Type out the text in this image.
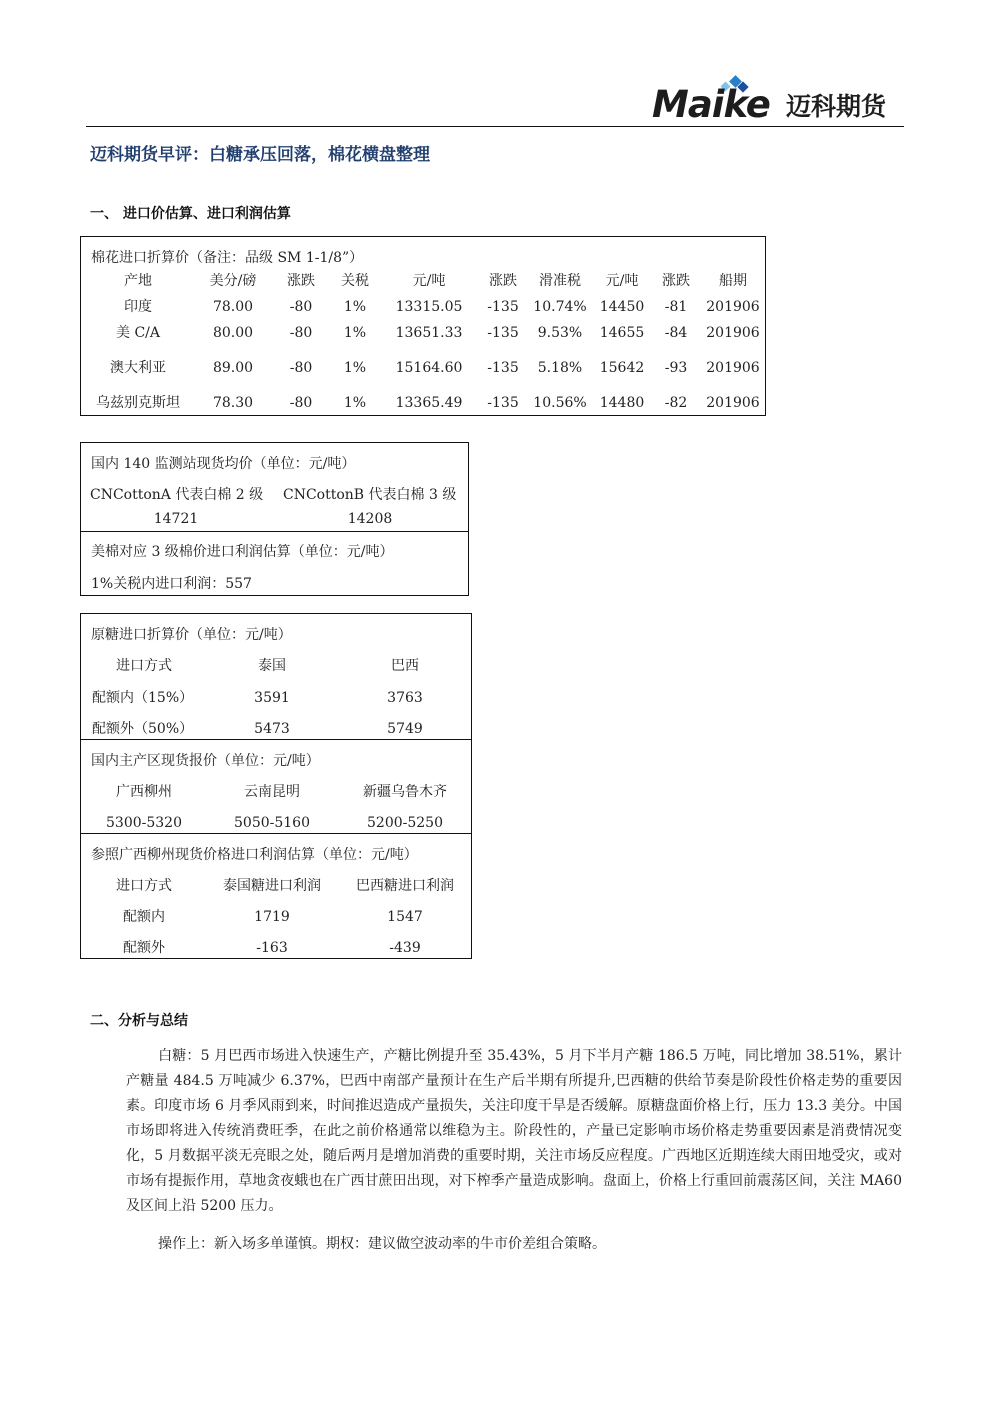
Maike 迈科期货
迈科期货早评：白糖承压回落，棉花横盘整理
一、 进口价估算、进口利润估算
棉花进口折算价（备注：品级 SM 1-1/8”）
产地	美分/磅 涨跌 关税	元/吨	涨跌 滑准税 元/吨 涨跌 船期
印度	78.00	-80 1% 13315.05 -135 10.74% 14450 -81 201906
美 C/A	80.00	-80 1% 13651.33 -135 9.53% 14655 -84 201906
澳大利亚	89.00	-80 1% 15164.60 -135 5.18% 15642 -93 201906
乌兹别克斯坦 78.30	-80 1% 13365.49 -135 10.56% 14480 -82 201906
国内 140 监测站现货均价（单位：元/吨）
CNCottonA 代表白棉 2 级 CNCottonB 代表白棉 3 级
14721	14208
美棉对应 3 级棉价进口利润估算（单位：元/吨）
1%关税内进口利润：557
原糖进口折算价（单位：元/吨）
进口方式	泰国	巴西
配额内（15%）	3591	3763
配额外（50%）	5473	5749
国内主产区现货报价（单位：元/吨）
广西柳州	云南昆明	新疆乌鲁木齐
5300-5320	5050-5160	5200-5250
参照广西柳州现货价格进口利润估算（单位：元/吨）
进口方式	泰国糖进口利润	巴西糖进口利润
配额内	1719	1547
配额外	-163	-439
二、分析与总结
白糖：5 月巴西市场进入快速生产，产糖比例提升至 35.43%，5 月下半月产糖 186.5 万吨，同比增加 38.51%，累计产糖量 484.5 万吨减少 6.37%，巴西中南部产量预计在生产后半期有所提升,巴西糖的供给节奏是阶段性价格走势的重要因素。印度市场 6 月季风雨到来，时间推迟造成产量损失，关注印度干旱是否缓解。原糖盘面价格上行，压力 13.3 美分。中国市场即将进入传统消费旺季，在此之前价格通常以维稳为主。阶段性的，产量已定影响市场价格走势重要因素是消费情况变化，5 月数据平淡无亮眼之处，随后两月是增加消费的重要时期，关注市场反应程度。广西地区近期连续大雨田地受灾，或对市场有提振作用，草地贪夜蛾也在广西甘蔗田出现，对下榨季产量造成影响。盘面上，价格上行重回前震荡区间，关注 MA60 及区间上沿 5200 压力。
操作上：新入场多单谨慎。期权：建议做空波动率的牛市价差组合策略。
